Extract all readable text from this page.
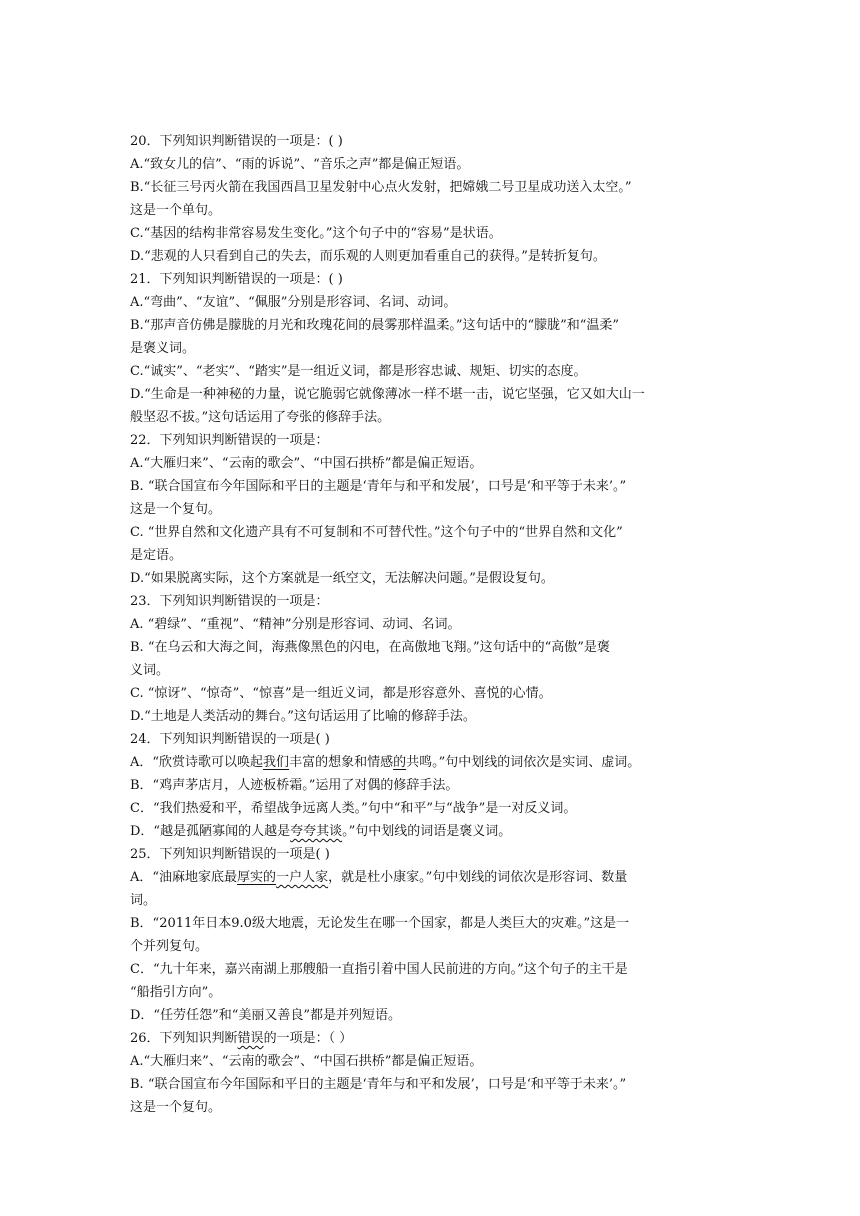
20．下列知识判断错误的一项是：( )
A.“致女儿的信”、“雨的诉说”、“音乐之声”都是偏正短语。
B.“长征三号丙火箭在我国西昌卫星发射中心点火发射，把嫦娥二号卫星成功送入太空。”
这是一个单句。
C.“基因的结构非常容易发生变化。”这个句子中的“容易”是状语。
D.“悲观的人只看到自己的失去，而乐观的人则更加看重自己的获得。”是转折复句。
21．下列知识判断错误的一项是：( )
A.“弯曲”、“友谊”、“佩服”分别是形容词、名词、动词。
B.“那声音仿佛是朦胧的月光和玫瑰花间的晨雾那样温柔。”这句话中的“朦胧”和“温柔”
是褒义词。
C.“诚实”、“老实”、“踏实”是一组近义词，都是形容忠诚、规矩、切实的态度。
D.“生命是一种神秘的力量，说它脆弱它就像薄冰一样不堪一击，说它坚强，它又如大山一
般坚忍不拔。”这句话运用了夸张的修辞手法。
22．下列知识判断错误的一项是：
A.“大雁归来”、“云南的歌会”、“中国石拱桥”都是偏正短语。
B. “联合国宣布今年国际和平日的主题是‘青年与和平和发展’，口号是‘和平等于未来’。”
这是一个复句。
C. “世界自然和文化遗产具有不可复制和不可替代性。”这个句子中的“世界自然和文化”
是定语。
D.“如果脱离实际，这个方案就是一纸空文，无法解决问题。”是假设复句。
23．下列知识判断错误的一项是：
A. “碧绿”、“重视”、“精神”分别是形容词、动词、名词。
B. “在乌云和大海之间，海燕像黑色的闪电，在高傲地飞翔。”这句话中的“高傲”是褒
义词。
C. “惊讶”、“惊奇”、“惊喜”是一组近义词，都是形容意外、喜悦的心情。
D.“土地是人类活动的舞台。”这句话运用了比喻的修辞手法。
24．下列知识判断错误的一项是( )
A．“欣赏诗歌可以唤起我们丰富的想象和情感的共鸣。”句中划线的词依次是实词、虚词。
B．“鸡声茅店月，人迹板桥霜。”运用了对偶的修辞手法。
C．“我们热爱和平，希望战争远离人类。”句中“和平”与“战争”是一对反义词。
D．“越是孤陋寡闻的人越是夸夸其谈。”句中划线的词语是褒义词。
25．下列知识判断错误的一项是( )
A．“油麻地家底最厚实的一户人家，就是杜小康家。”句中划线的词依次是形容词、数量
词。
B．“2011年日本9.0级大地震，无论发生在哪一个国家，都是人类巨大的灾难。”这是一
个并列复句。
C．“九十年来，嘉兴南湖上那艘船一直指引着中国人民前进的方向。”这个句子的主干是
“船指引方向”。
D．“任劳任怨”和“美丽又善良”都是并列短语。
26．下列知识判断错误的一项是：（ ）
A.“大雁归来”、“云南的歌会”、“中国石拱桥”都是偏正短语。
B. “联合国宣布今年国际和平日的主题是‘青年与和平和发展’，口号是‘和平等于未来’。”
这是一个复句。
